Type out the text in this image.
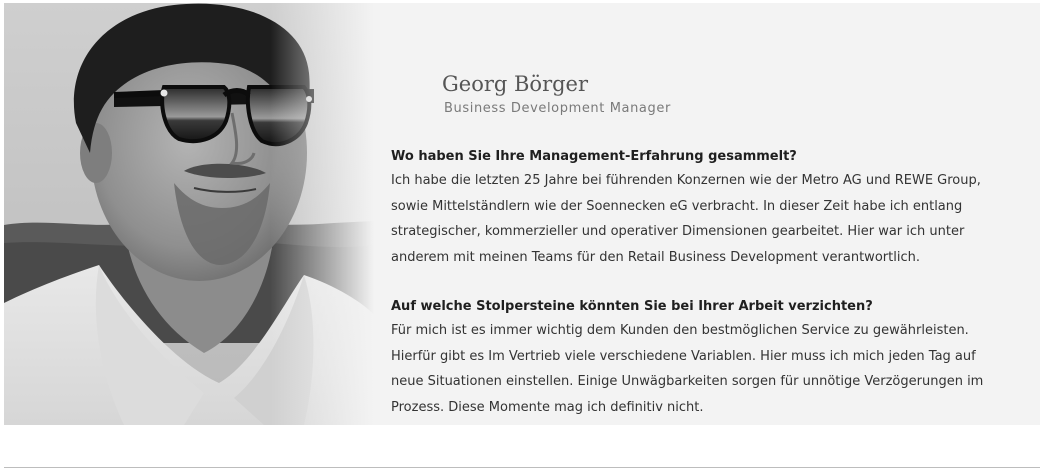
Georg Börger
Business Development Manager

Wo haben Sie Ihre Management-Erfahrung gesammelt?

Ich habe die letzten 25 Jahre bei führenden Konzernen wie der Metro AG und REWE Group, sowie Mittelständlern wie der Soennecken eG verbracht. In dieser Zeit habe ich entlang strategischer, kommerzieller und operativer Dimensionen gearbeitet. Hier war ich unter anderem mit meinen Teams für den Retail Business Development verantwortlich.

Auf welche Stolpersteine könnten Sie bei Ihrer Arbeit verzichten?

Für mich ist es immer wichtig dem Kunden den bestmöglichen Service zu gewährleisten. Hierfür gibt es Im Vertrieb viele verschiedene Variablen. Hier muss ich mich jeden Tag auf neue Situationen einstellen. Einige Unwägbarkeiten sorgen für unnötige Verzögerungen im Prozess. Diese Momente mag ich definitiv nicht.
